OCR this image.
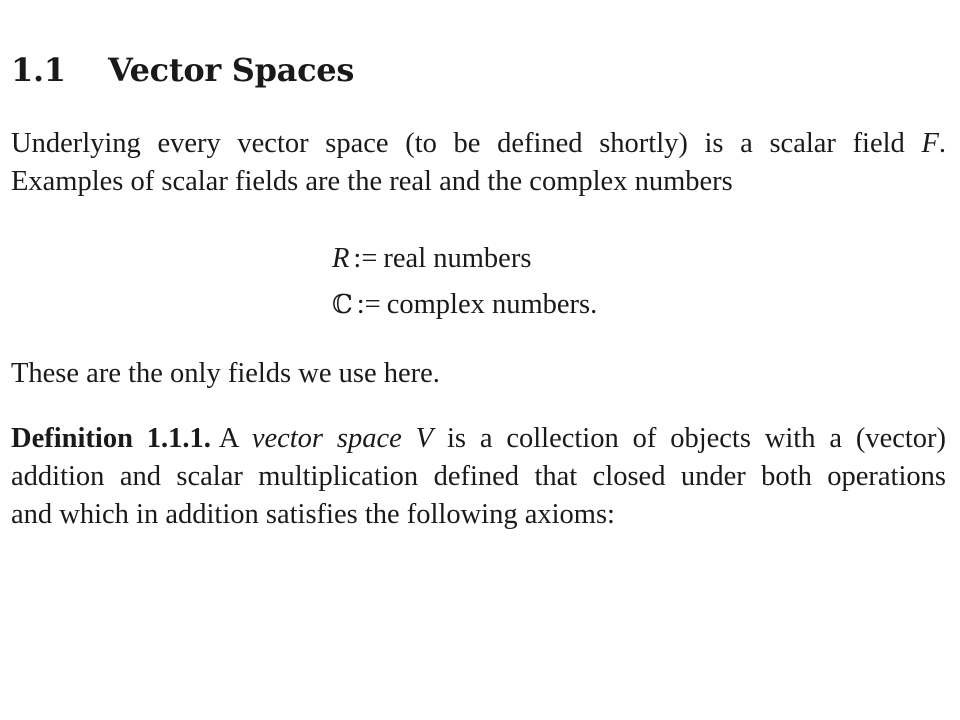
1.1 Vector Spaces

Underlying every vector space (to be defined shortly) is a scalar field F.
Examples of scalar fields are the real and the complex numbers

R := real numbers
ℂ := complex numbers.

These are the only fields we use here.

Definition 1.1.1. A vector space V is a collection of objects with a (vector)
addition and scalar multiplication defined that closed under both operations
and which in addition satisfies the following axioms:
